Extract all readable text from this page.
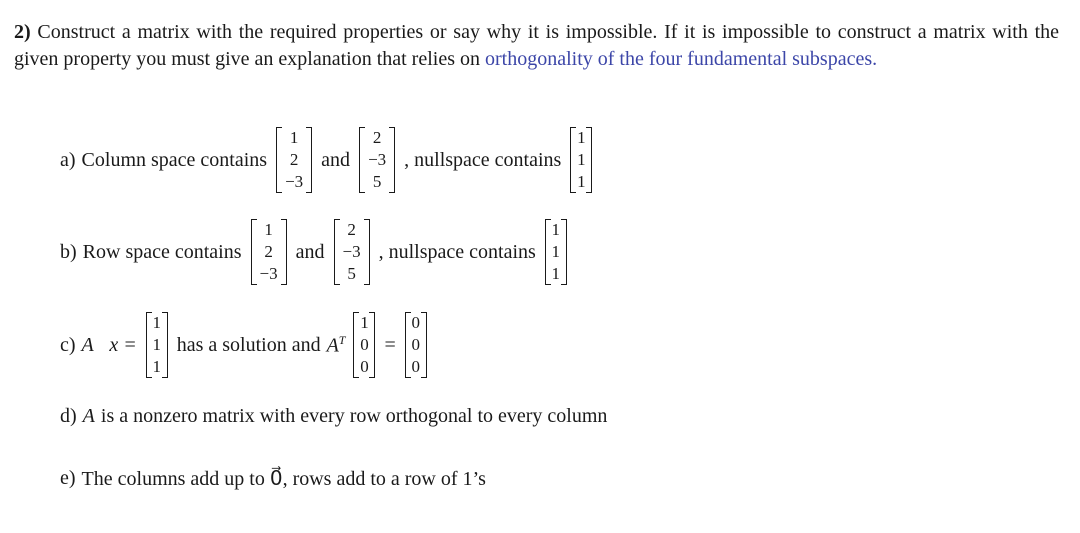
2) Construct a matrix with the required properties or say why it is impossible. If it is impossible to construct a matrix with the given property you must give an explanation that relies on orthogonality of the four fundamental subspaces.
a) Column space contains
1
2
−3
and
2
−3
5
, nullspace contains
1
1
1
b) Row space contains
1
2
−3
and
2
−3
5
, nullspace contains
1
1
1
c) A⃗x =
1
1
1
has a solution and $A^T$
1
0
0
=
0
0
0
d) A is a nonzero matrix with every row orthogonal to every column
e) The columns add up to 0⃗, rows add to a row of 1’s
